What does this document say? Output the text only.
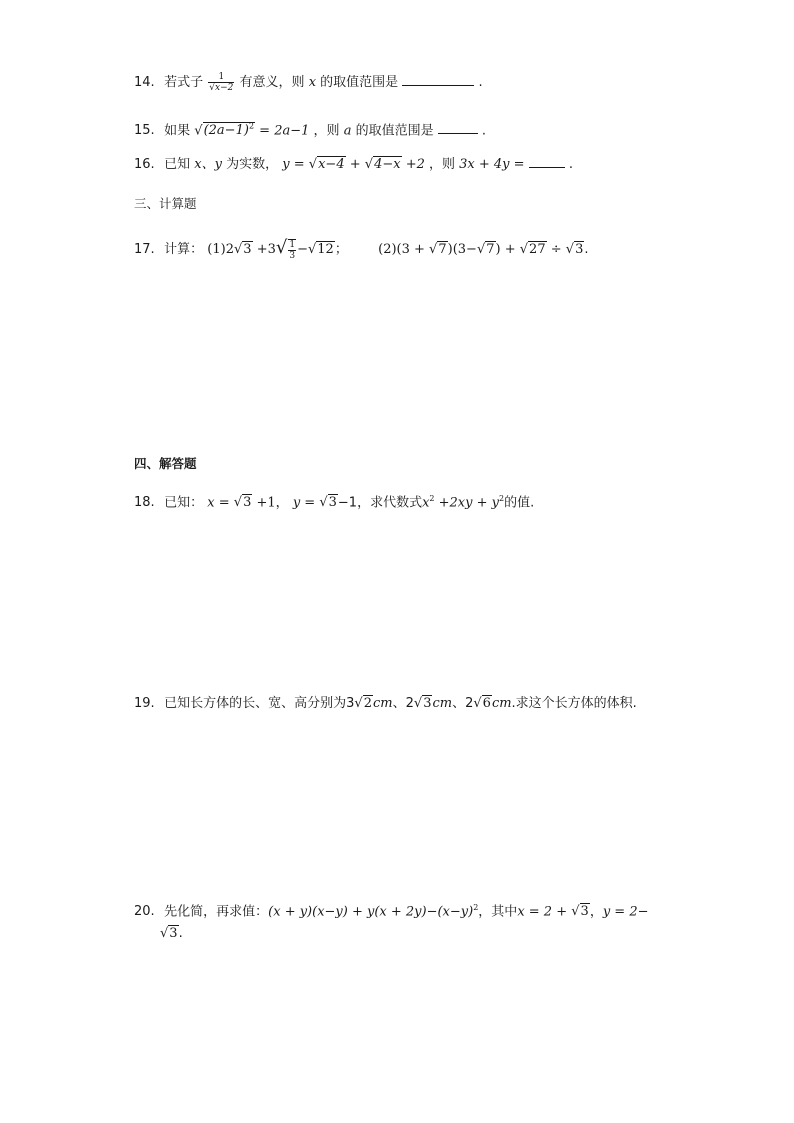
14. 若式子 $\frac{1}{√x-2}$ 有意义，则 x 的取值范围是	.
15. 如果 $√(2a-1)^2 = 2a-1$ ，则 a 的取值范围是	.
16. 已知 x、y 为实数， y = √x−4 + √4−x +2 ，则 3x + 4y =	.
三、计算题
17. 计算： $(1)2√3 +3√ \frac{1}{3} -√12$； (2)(3 + √7)(3−√7) + √27 ÷ √3.
四、解答题
18. 已知： x = √3 +1， y = √3−1，求代数式$x^2 +2xy + y^2$的值.
19. 已知长方体的长、宽、高分别为3√2cm、2√3cm、2√6cm.求这个长方体的体积.
20. 先化简，再求值：$(x + y)(x-y) + y(x + 2y)-(x-y)^2$，其中x = 2 + √3，y = 2−
√3.
